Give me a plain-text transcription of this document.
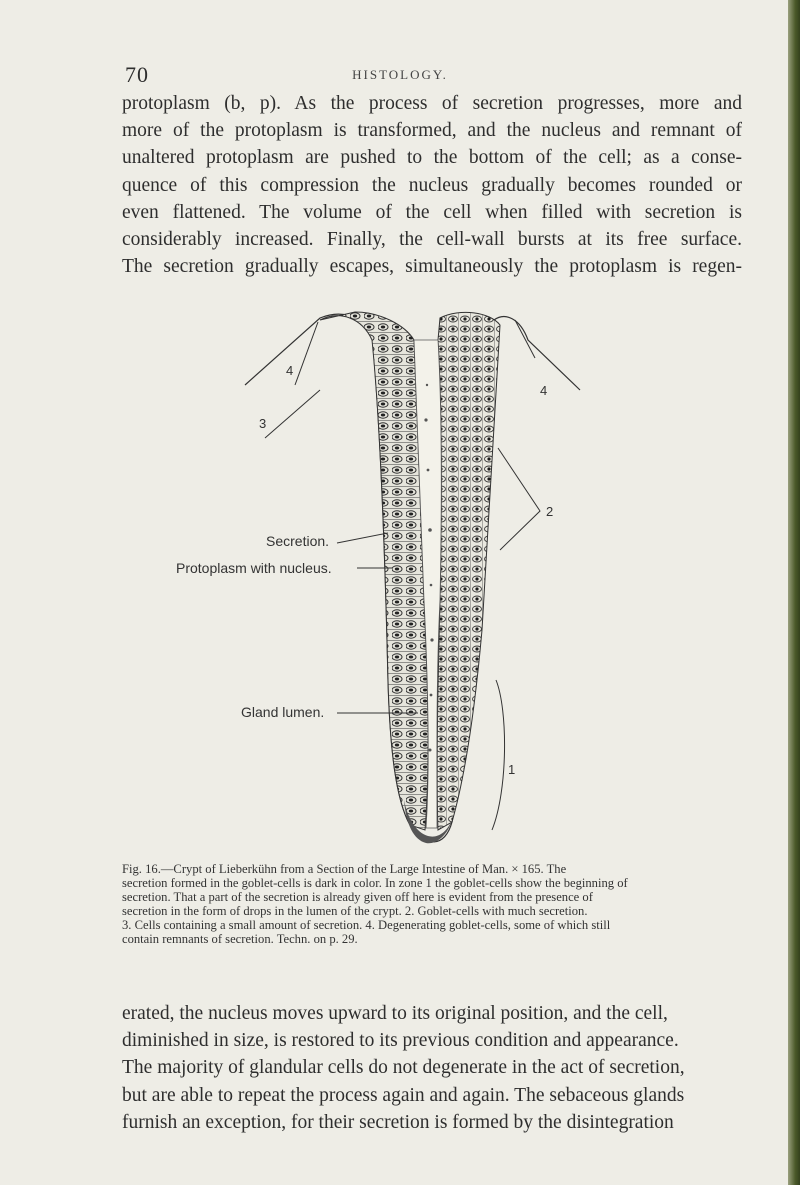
70	HISTOLOGY.
protoplasm (b, p). As the process of secretion progresses, more and
more of the protoplasm is transformed, and the nucleus and remnant of
unaltered protoplasm are pushed to the bottom of the cell; as a conse-
quence of this compression the nucleus gradually becomes rounded or
even flattened. The volume of the cell when filled with secretion is
considerably increased. Finally, the cell-wall bursts at its free surface.
The secretion gradually escapes, simultaneously the protoplasm is regen-
4
3
4
2
1
Secretion.
Protoplasm with nucleus.
Gland lumen.
Fig. 16.—Crypt of Lieberkühn from a Section of the Large Intestine of Man. × 165. The
secretion formed in the goblet-cells is dark in color. In zone 1 the goblet-cells show the beginning of
secretion. That a part of the secretion is already given off here is evident from the presence of
secretion in the form of drops in the lumen of the crypt. 2. Goblet-cells with much secretion.
3. Cells containing a small amount of secretion. 4. Degenerating goblet-cells, some of which still
contain remnants of secretion. Techn. on p. 29.
erated, the nucleus moves upward to its original position, and the cell,
diminished in size, is restored to its previous condition and appearance.
The majority of glandular cells do not degenerate in the act of secretion,
but are able to repeat the process again and again. The sebaceous glands
furnish an exception, for their secretion is formed by the disintegration
